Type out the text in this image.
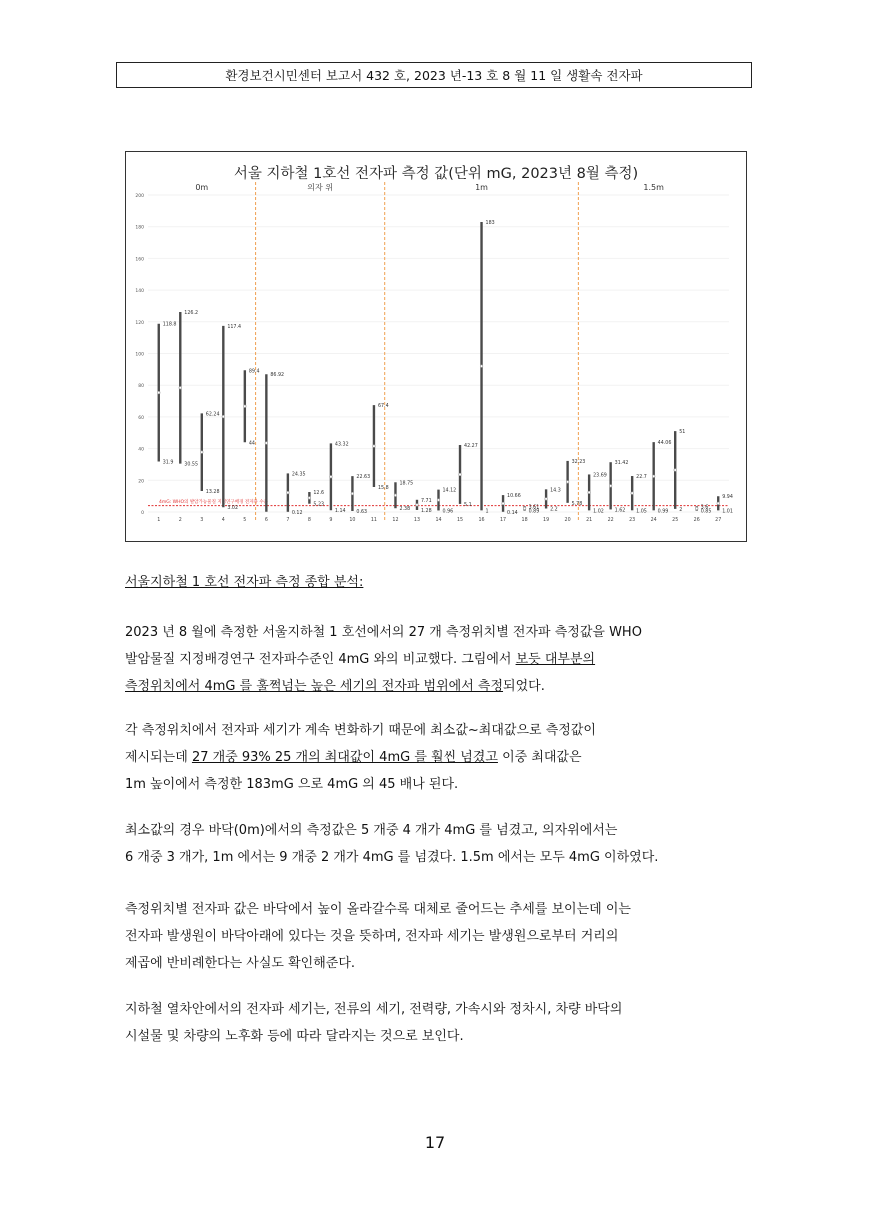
환경보건시민센터 보고서 432 호, 2023 년-13 호 8 월 11 일 생활속 전자파
서울 지하철 1호선 전자파 측정 값(단위 mG, 2023년 8월 측정)
0
20
40
60
80
100
120
140
160
180
200
0m	의자 위	1m	1.5m
4mG: WHO의 발암가능물질 지정연구배경 전자파 수준
118.8
31.9
1
126.2
30.55
2
62.24
13.28
3
117.4
3.02
4
89.4
44
5
86.92
6
24.35
0.12
7
12.6
5.23
8
43.32
1.14
9
22.63
0.63
10
67.4
15.8
11
18.75
2.38
12
7.71
1.28
13
14.12
0.96
14
42.27
5.1
15
183
1
16
10.66
0.14
17
3.61
0.89
18
14.3
2.2
19
32.23
5.78
20
23.69
1.02
21
31.42
1.62
22
22.7
1.05
23
44.06
0.99
24
51
2
25
3.6
0.85
26
9.94
1.01
27
서울지하철 1 호선 전자파 측정 종합 분석:

2023 년 8 월에 측정한 서울지하철 1 호선에서의 27 개 측정위치별 전자파 측정값을 WHO

발암물질 지정배경연구 전자파수준인 4mG 와의 비교했다. 그림에서 보듯 대부분의

측정위치에서 4mG 를 훌쩍넘는 높은 세기의 전자파 범위에서 측정되었다.

각 측정위치에서 전자파 세기가 계속 변화하기 때문에 최소값~최대값으로 측정값이

제시되는데 27 개중 93% 25 개의 최대값이 4mG 를 훨씬 넘겼고 이중 최대값은

1m 높이에서 측정한 183mG 으로 4mG 의 45 배나 된다.

최소값의 경우 바닥(0m)에서의 측정값은 5 개중 4 개가 4mG 를 넘겼고, 의자위에서는

6 개중 3 개가, 1m 에서는 9 개중 2 개가 4mG 를 넘겼다. 1.5m 에서는 모두 4mG 이하였다.

측정위치별 전자파 값은 바닥에서 높이 올라갈수록 대체로 줄어드는 추세를 보이는데 이는

전자파 발생원이 바닥아래에 있다는 것을 뜻하며, 전자파 세기는 발생원으로부터 거리의

제곱에 반비례한다는 사실도 확인해준다.

지하철 열차안에서의 전자파 세기는, 전류의 세기, 전력량, 가속시와 정차시, 차량 바닥의

시설물 및 차량의 노후화 등에 따라 달라지는 것으로 보인다.

17
